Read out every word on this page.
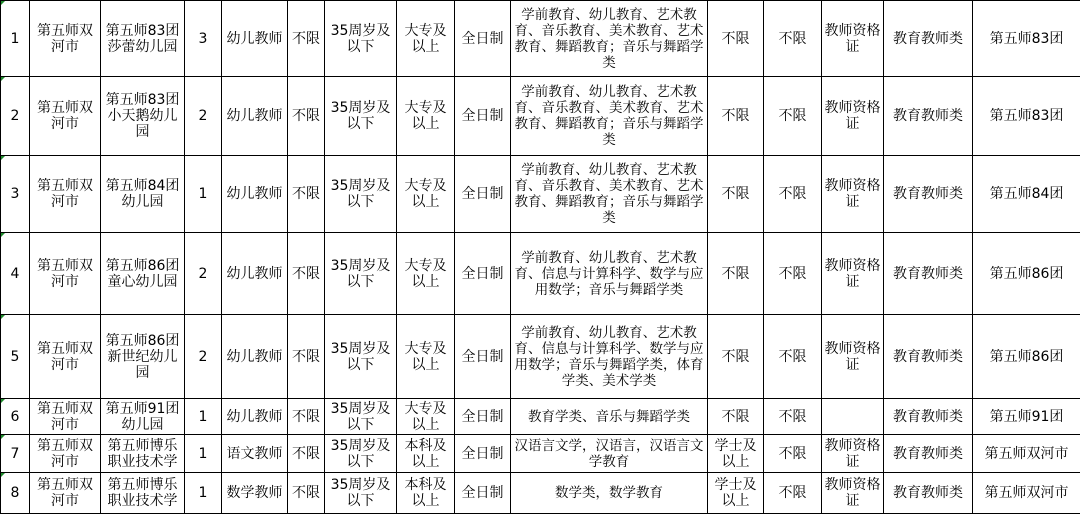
1	第五师双河市	第五师83团莎蕾幼儿园	3	幼儿教师	不限	35周岁及以下	大专及以上	全日制	学前教育、幼儿教育、艺术教育、音乐教育、美术教育、艺术教育、舞蹈教育；音乐与舞蹈学类	不限	不限	教师资格证	教育教师类	第五师83团
2	第五师双河市	第五师83团小天鹅幼儿园	2	幼儿教师	不限	35周岁及以下	大专及以上	全日制	学前教育、幼儿教育、艺术教育、音乐教育、美术教育、艺术教育、舞蹈教育；音乐与舞蹈学类	不限	不限	教师资格证	教育教师类	第五师83团
3	第五师双河市	第五师84团幼儿园	1	幼儿教师	不限	35周岁及以下	大专及以上	全日制	学前教育、幼儿教育、艺术教育、音乐教育、美术教育、艺术教育、舞蹈教育；音乐与舞蹈学类	不限	不限	教师资格证	教育教师类	第五师84团
4	第五师双河市	第五师86团童心幼儿园	2	幼儿教师	不限	35周岁及以下	大专及以上	全日制	学前教育、幼儿教育、艺术教育、信息与计算科学、数学与应用数学；音乐与舞蹈学类	不限	不限	教师资格证	教育教师类	第五师86团
5	第五师双河市	第五师86团新世纪幼儿园	2	幼儿教师	不限	35周岁及以下	大专及以上	全日制	学前教育、幼儿教育、艺术教育、信息与计算科学、数学与应用数学；音乐与舞蹈学类，体育学类、美术学类	不限	不限	教师资格证	教育教师类	第五师86团
6	第五师双河市	第五师91团幼儿园	1	幼儿教师	不限	35周岁及以下	大专及以上	全日制	教育学类、音乐与舞蹈学类	不限	不限		教育教师类	第五师91团
7	第五师双河市	第五师博乐职业技术学	1	语文教师	不限	35周岁及以下	本科及以上	全日制	汉语言文学，汉语言，汉语言文学教育	学士及以上	不限	教师资格证	教育教师类	第五师双河市
8	第五师双河市	第五师博乐职业技术学	1	数学教师	不限	35周岁及以下	本科及以上	全日制	数学类，数学教育	学士及以上	不限	教师资格证	教育教师类	第五师双河市
